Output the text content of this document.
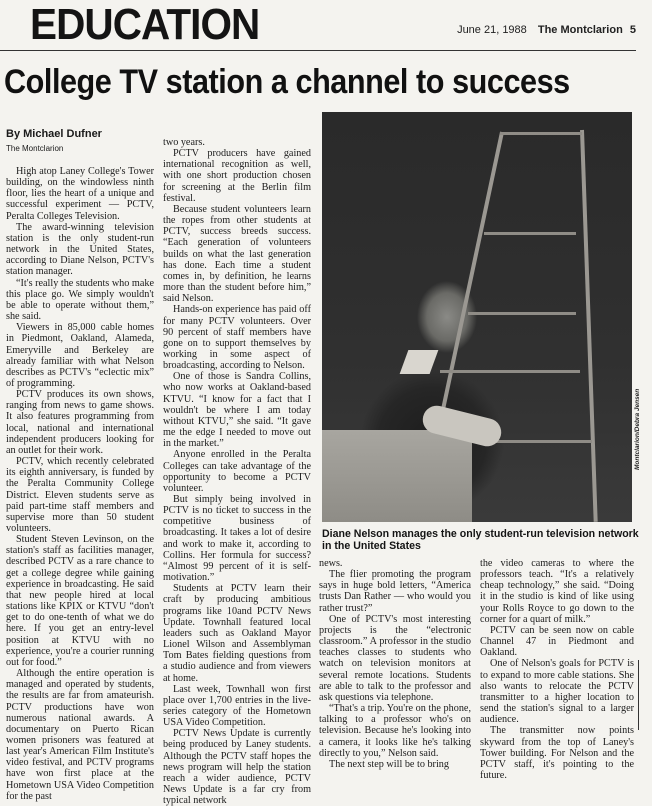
EDUCATION	June 21, 1988 The Montclarion 5
College TV station a channel to success
By Michael Dufner
The Montclarion

High atop Laney College's Tower building, on the windowless ninth floor, lies the heart of a unique and successful experiment — PCTV, Peralta Colleges Television.

The award-winning television station is the only student-run network in the United States, according to Diane Nelson, PCTV's station manager.

“It's really the students who make this place go. We simply wouldn't be able to operate without them,” she said.

Viewers in 85,000 cable homes in Piedmont, Oakland, Alameda, Emeryville and Berkeley are already familiar with what Nelson describes as PCTV's “eclectic mix” of programming.

PCTV produces its own shows, ranging from news to game shows. It also features programming from local, national and international independent producers looking for an outlet for their work.

PCTV, which recently celebrated its eighth anniversary, is funded by the Peralta Community College District. Eleven students serve as paid part-time staff members and supervise more than 50 student volunteers.

Student Steven Levinson, on the station's staff as facilities manager, described PCTV as a rare chance to get a college degree while gaining experience in broadcasting. He said that new people hired at local stations like KPIX or KTVU “don't get to do one-tenth of what we do here. If you get an entry-level position at KTVU with no experience, you're a courier running out for food.”

Although the entire operation is managed and operated by students, the results are far from amateurish. PCTV productions have won numerous national awards. A documentary on Puerto Rican women prisoners was featured at last year's American Film Institute's video festival, and PCTV programs have won first place at the Hometown USA Video Competition for the past

two years.

PCTV producers have gained international recognition as well, with one short production chosen for screening at the Berlin film festival.

Because student volunteers learn the ropes from other students at PCTV, success breeds success. “Each generation of volunteers builds on what the last generation has done. Each time a student comes in, by definition, he learns more than the student before him,” said Nelson.

Hands-on experience has paid off for many PCTV volunteers. Over 90 percent of staff members have gone on to support themselves by working in some aspect of broadcasting, according to Nelson.

One of those is Sandra Collins, who now works at Oakland-based KTVU. “I know for a fact that I wouldn't be where I am today without KTVU,” she said. “It gave me the edge I needed to move out in the market.”

Anyone enrolled in the Peralta Colleges can take advantage of the opportunity to become a PCTV volunteer.

But simply being involved in PCTV is no ticket to success in the competitive business of broadcasting. It takes a lot of desire and work to make it, according to Collins. Her formula for success? “Almost 99 percent of it is self-motivation.”

Students at PCTV learn their craft by producing ambitious programs like 10and PCTV News Update. Townhall featured local leaders such as Oakland Mayor Lionel Wilson and Assemblyman Tom Bates fielding questions from a studio audience and from viewers at home.

Last week, Townhall won first place over 1,700 entries in the live-series category of the Hometown USA Video Competition.

PCTV News Update is currently being produced by Laney students. Although the PCTV staff hopes the news program will help the station reach a wider audience, PCTV News Update is a far cry from typical network

Montclarion/Debra Jensen
Diane Nelson manages the only student-run television network in the United States

news.

The flier promoting the program says in huge bold letters, “America trusts Dan Rather — who would you rather trust?”

One of PCTV's most interesting projects is the “electronic classroom.” A professor in the studio teaches classes to students who watch on television monitors at several remote locations. Students are able to talk to the professor and ask questions via telephone.

“That's a trip. You're on the phone, talking to a professor who's on television. Because he's looking into a camera, it looks like he's talking directly to you,” Nelson said.

The next step will be to bring

the video cameras to where the professors teach. “It's a relatively cheap technology,” she said. “Doing it in the studio is kind of like using your Rolls Royce to go down to the corner for a quart of milk.”

PCTV can be seen now on cable Channel 47 in Piedmont and Oakland.

One of Nelson's goals for PCTV is to expand to more cable stations. She also wants to relocate the PCTV transmitter to a higher location to send the station's signal to a larger audience.

The transmitter now points skyward from the top of Laney's Tower building. For Nelson and the PCTV staff, it's pointing to the future.
